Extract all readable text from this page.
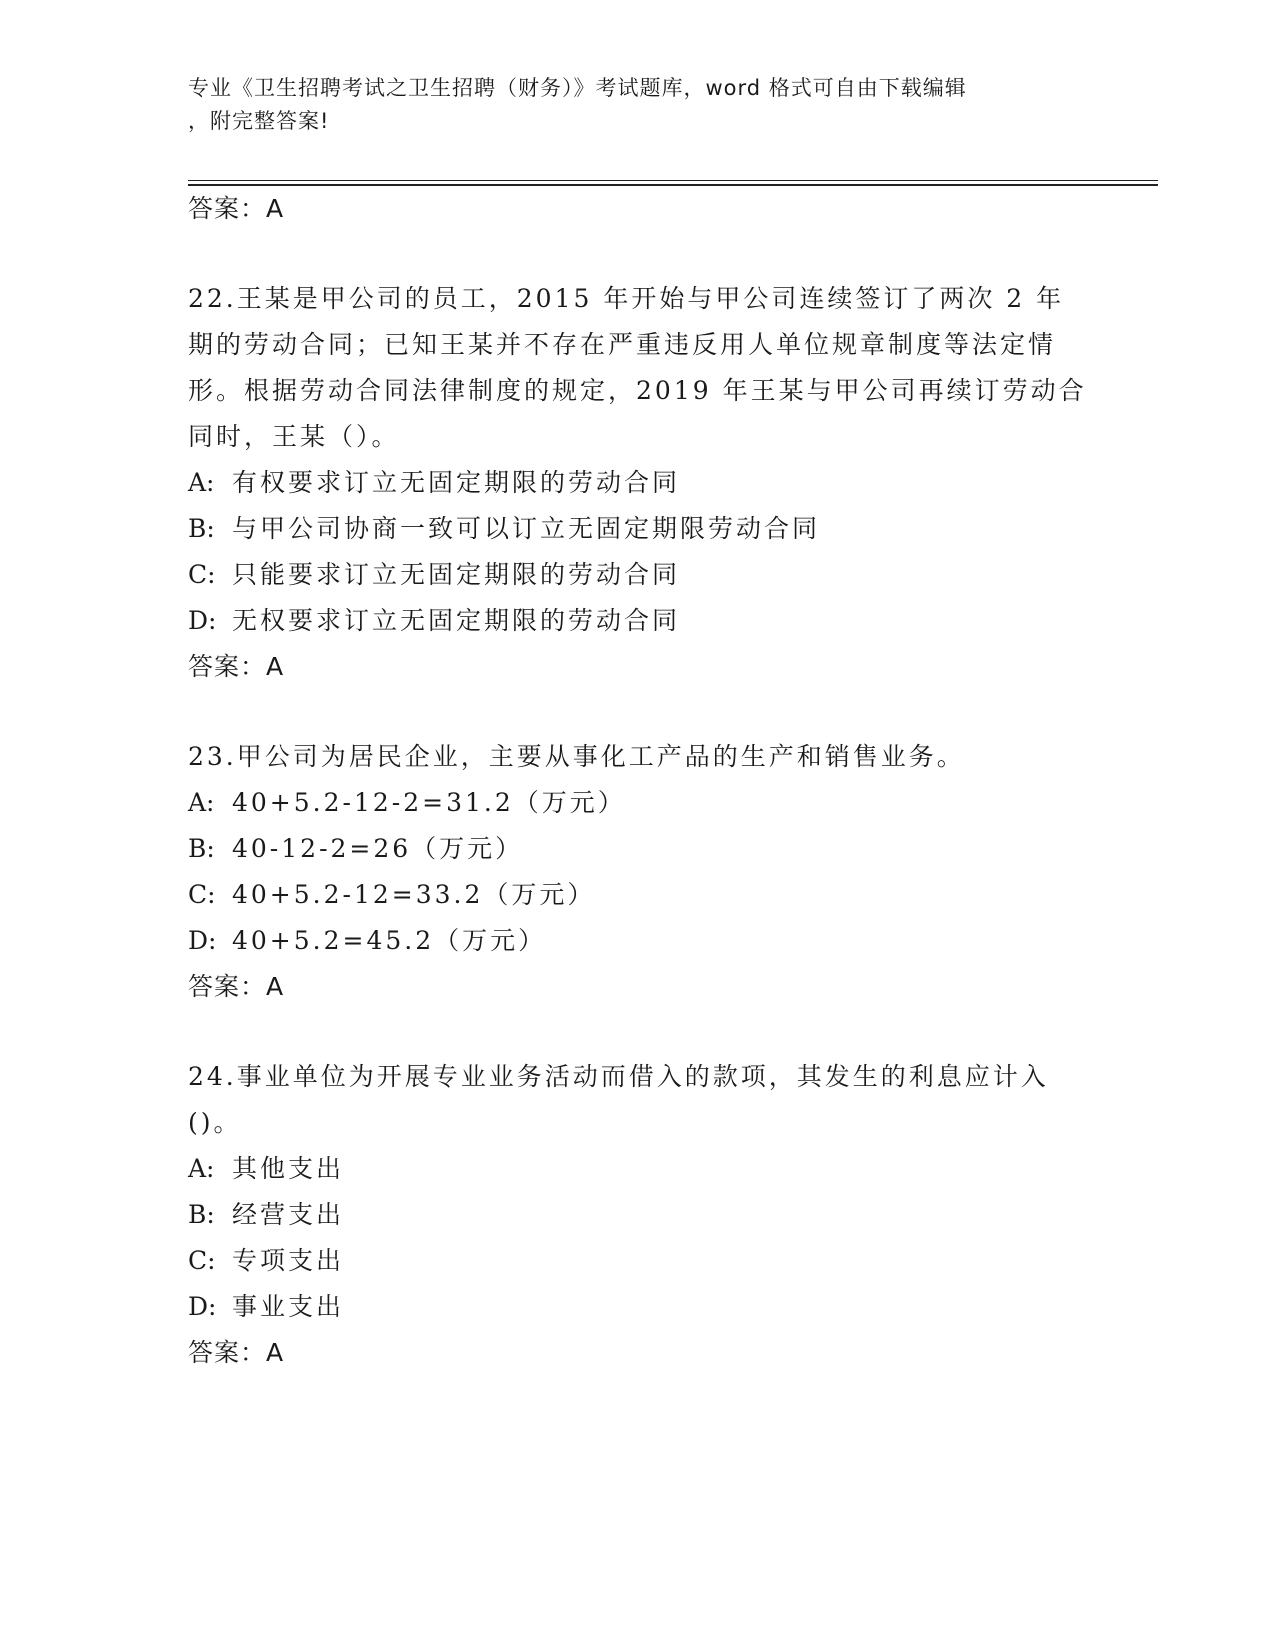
专业《卫生招聘考试之卫生招聘（财务）》考试题库，word 格式可自由下载编辑
，附完整答案!

答案：A

22.王某是甲公司的员工，2015 年开始与甲公司连续签订了两次 2 年期的劳动合同；已知王某并不存在严重违反用人单位规章制度等法定情形。根据劳动合同法律制度的规定，2019 年王某与甲公司再续订劳动合同时，王某（）。

A: 有权要求订立无固定期限的劳动合同
B: 与甲公司协商一致可以订立无固定期限劳动合同
C: 只能要求订立无固定期限的劳动合同
D: 无权要求订立无固定期限的劳动合同

答案：A

23.甲公司为居民企业，主要从事化工产品的生产和销售业务。

A: 40+5.2-12-2=31.2（万元）
B: 40-12-2=26（万元）
C: 40+5.2-12=33.2（万元）
D: 40+5.2=45.2（万元）

答案：A

24.事业单位为开展专业业务活动而借入的款项，其发生的利息应计入()。

A: 其他支出
B: 经营支出
C: 专项支出
D: 事业支出

答案：A
